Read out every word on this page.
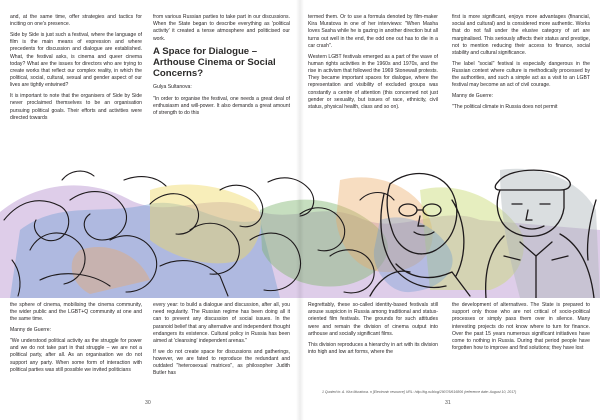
and, at the same time, offer strategies and tactics for inciting on one's presence.

Side by Side is just such a festival, where the language of film is the main means of expression and where precedents for discussion and dialogue are established. What, the festival asks, is cinema and queer cinema today? What are the issues for directors who are trying to create works that reflect our complex reality, in which the political, social, cultural, sexual and gender aspect of our lives are tightly entwined?

It is important to note that the organisers of Side by Side never proclaimed themselves to be an organisation pursuing political goals. Their efforts and activities were directed towards

from various Russian parties to take part in our discussions. When the State began to describe everything as 'political activity' it created a tense atmosphere and politicised our work.

A Space for Dialogue – Arthouse Cinema or Social Concerns?

Gulya Sultanova:

"In order to organise the festival, one needs a great deal of enthusiasm and will-power. It also demands a great amount of strength to do this

the sphere of cinema, mobilising the cinema community, the wider public and the LGBT+Q community at one and the same time.

Manny de Guerre:

"We understood political activity as the struggle for power and we do not take part in that struggle – we are not a political party, after all. As an organisation we do not support any party. When some form of interaction with political parties was still possible we invited politicians

every year: to build a dialogue and discussion, after all, you need regularity. The Russian regime has been doing all it can to prevent any discussion of social issues. In the paranoid belief that any alternative and independent thought endangers its existence. Cultural policy in Russia has been aimed at 'cleansing' independent arenas."

If we do not create space for discussions and gatherings, however, we are fated to reproduce the redundant and outdated "heterosexual matrices", as philosopher Judith Butler has

30

termed them. Or to use a formula denoted by film-maker Kira Muratova in one of her interviews: "When Masha loves Sasha while he is gazing in another direction but all turns out well in the end, the odd one out has to die in a car crash".

Western LGBT festivals emerged as a part of the wave of human rights activities in the 1960s and 1970s, and the rise in activism that followed the 1969 Stonewall protests. They became important spaces for dialogue, where the representation and visibility of excluded groups was constantly a centre of attention (this concerned not just gender or sexuality, but issues of race, ethnicity, civil status, physical health, class and so on).

first is more significant, enjoys more advantages (financial, social and cultural) and is considered more authentic. Works that do not fall under the elusive category of art are marginalised. This seriously affects their status and prestige, not to mention reducing their access to finance, social stability and cultural significance.

The label "social" festival is especially dangerous in the Russian context where culture is methodically processed by the authorities, and such a simple act as a visit to an LGBT festival may become an act of civil courage.

Manny de Guerre:

"The political climate in Russia does not permit

Regrettably, these so-called identity-based festivals still arouse suspicion in Russia among traditional and status-oriented film festivals. The grounds for such attitudes were and remain the division of cinema output into arthouse and socially significant films.

This division reproduces a hierarchy in art with its division into high and low art forms, where the

the development of alternatives. The State is prepared to support only those who are not critical of socio-political processes or simply pass them over in silence. Many interesting projects do not know where to turn for finance. Over the past 15 years numerous significant initiatives have come to nothing in Russia. During that period people have forgotten how to improve and find solutions; they have lost

31
1 Quoted in: A. Kira Muratova. n [Electronic resource] URL: http://kg.ru/blog/2907/5/616806 (reference date: August 10, 2017)
